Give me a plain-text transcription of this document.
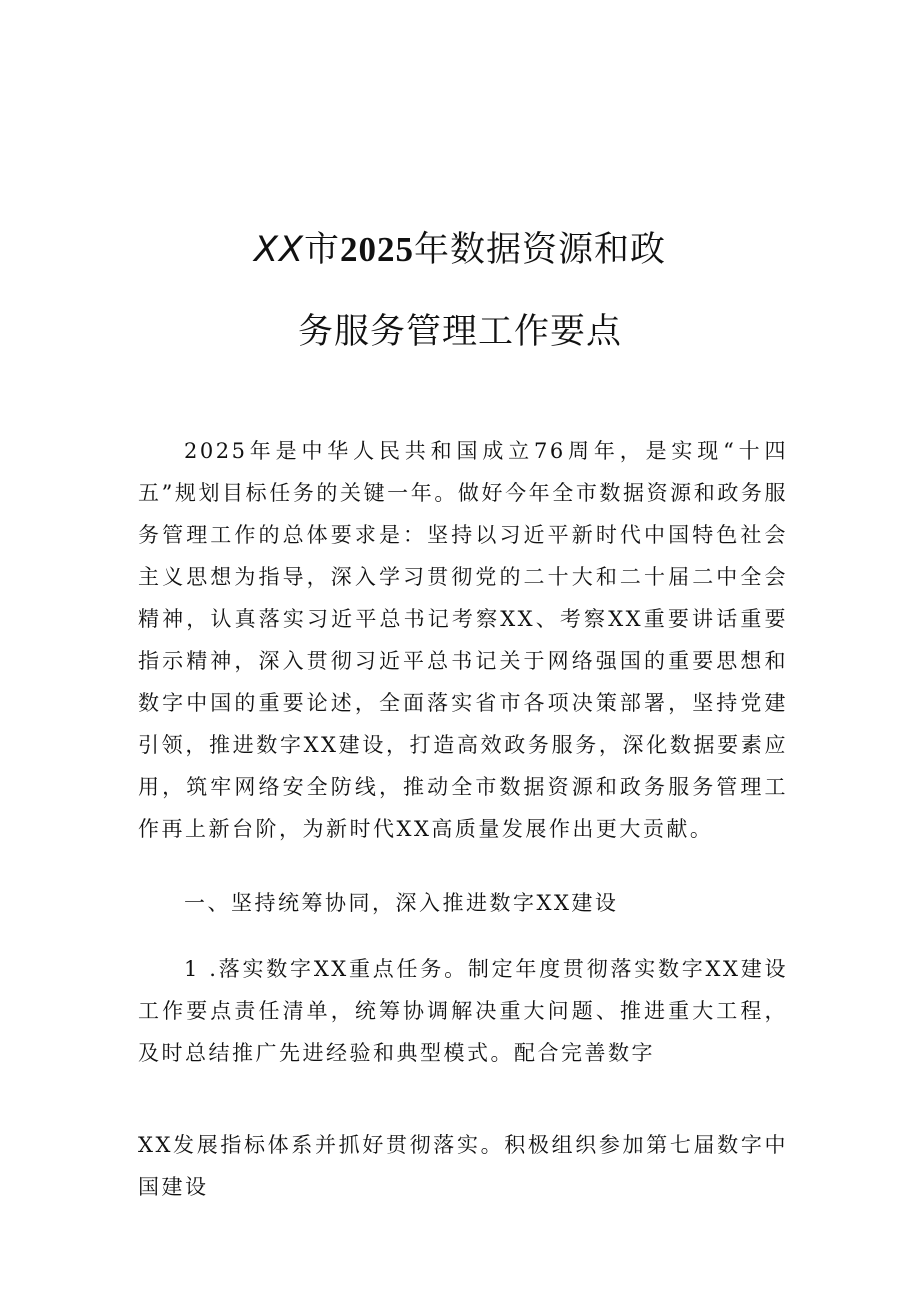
XX市2025年数据资源和政
务服务管理工作要点

2025年是中华人民共和国成立76周年，是实现“十四五”规划目标任务的关键一年。做好今年全市数据资源和政务服务管理工作的总体要求是：坚持以习近平新时代中国特色社会主义思想为指导，深入学习贯彻党的二十大和二十届二中全会精神，认真落实习近平总书记考察XX、考察XX重要讲话重要指示精神，深入贯彻习近平总书记关于网络强国的重要思想和数字中国的重要论述，全面落实省市各项决策部署，坚持党建引领，推进数字XX建设，打造高效政务服务，深化数据要素应用，筑牢网络安全防线，推动全市数据资源和政务服务管理工作再上新台阶，为新时代XX高质量发展作出更大贡献。

一、坚持统筹协同，深入推进数字XX建设

1 .落实数字XX重点任务。制定年度贯彻落实数字XX建设工作要点责任清单，统筹协调解决重大问题、推进重大工程，及时总结推广先进经验和典型模式。配合完善数字

XX发展指标体系并抓好贯彻落实。积极组织参加第七届数字中国建设
